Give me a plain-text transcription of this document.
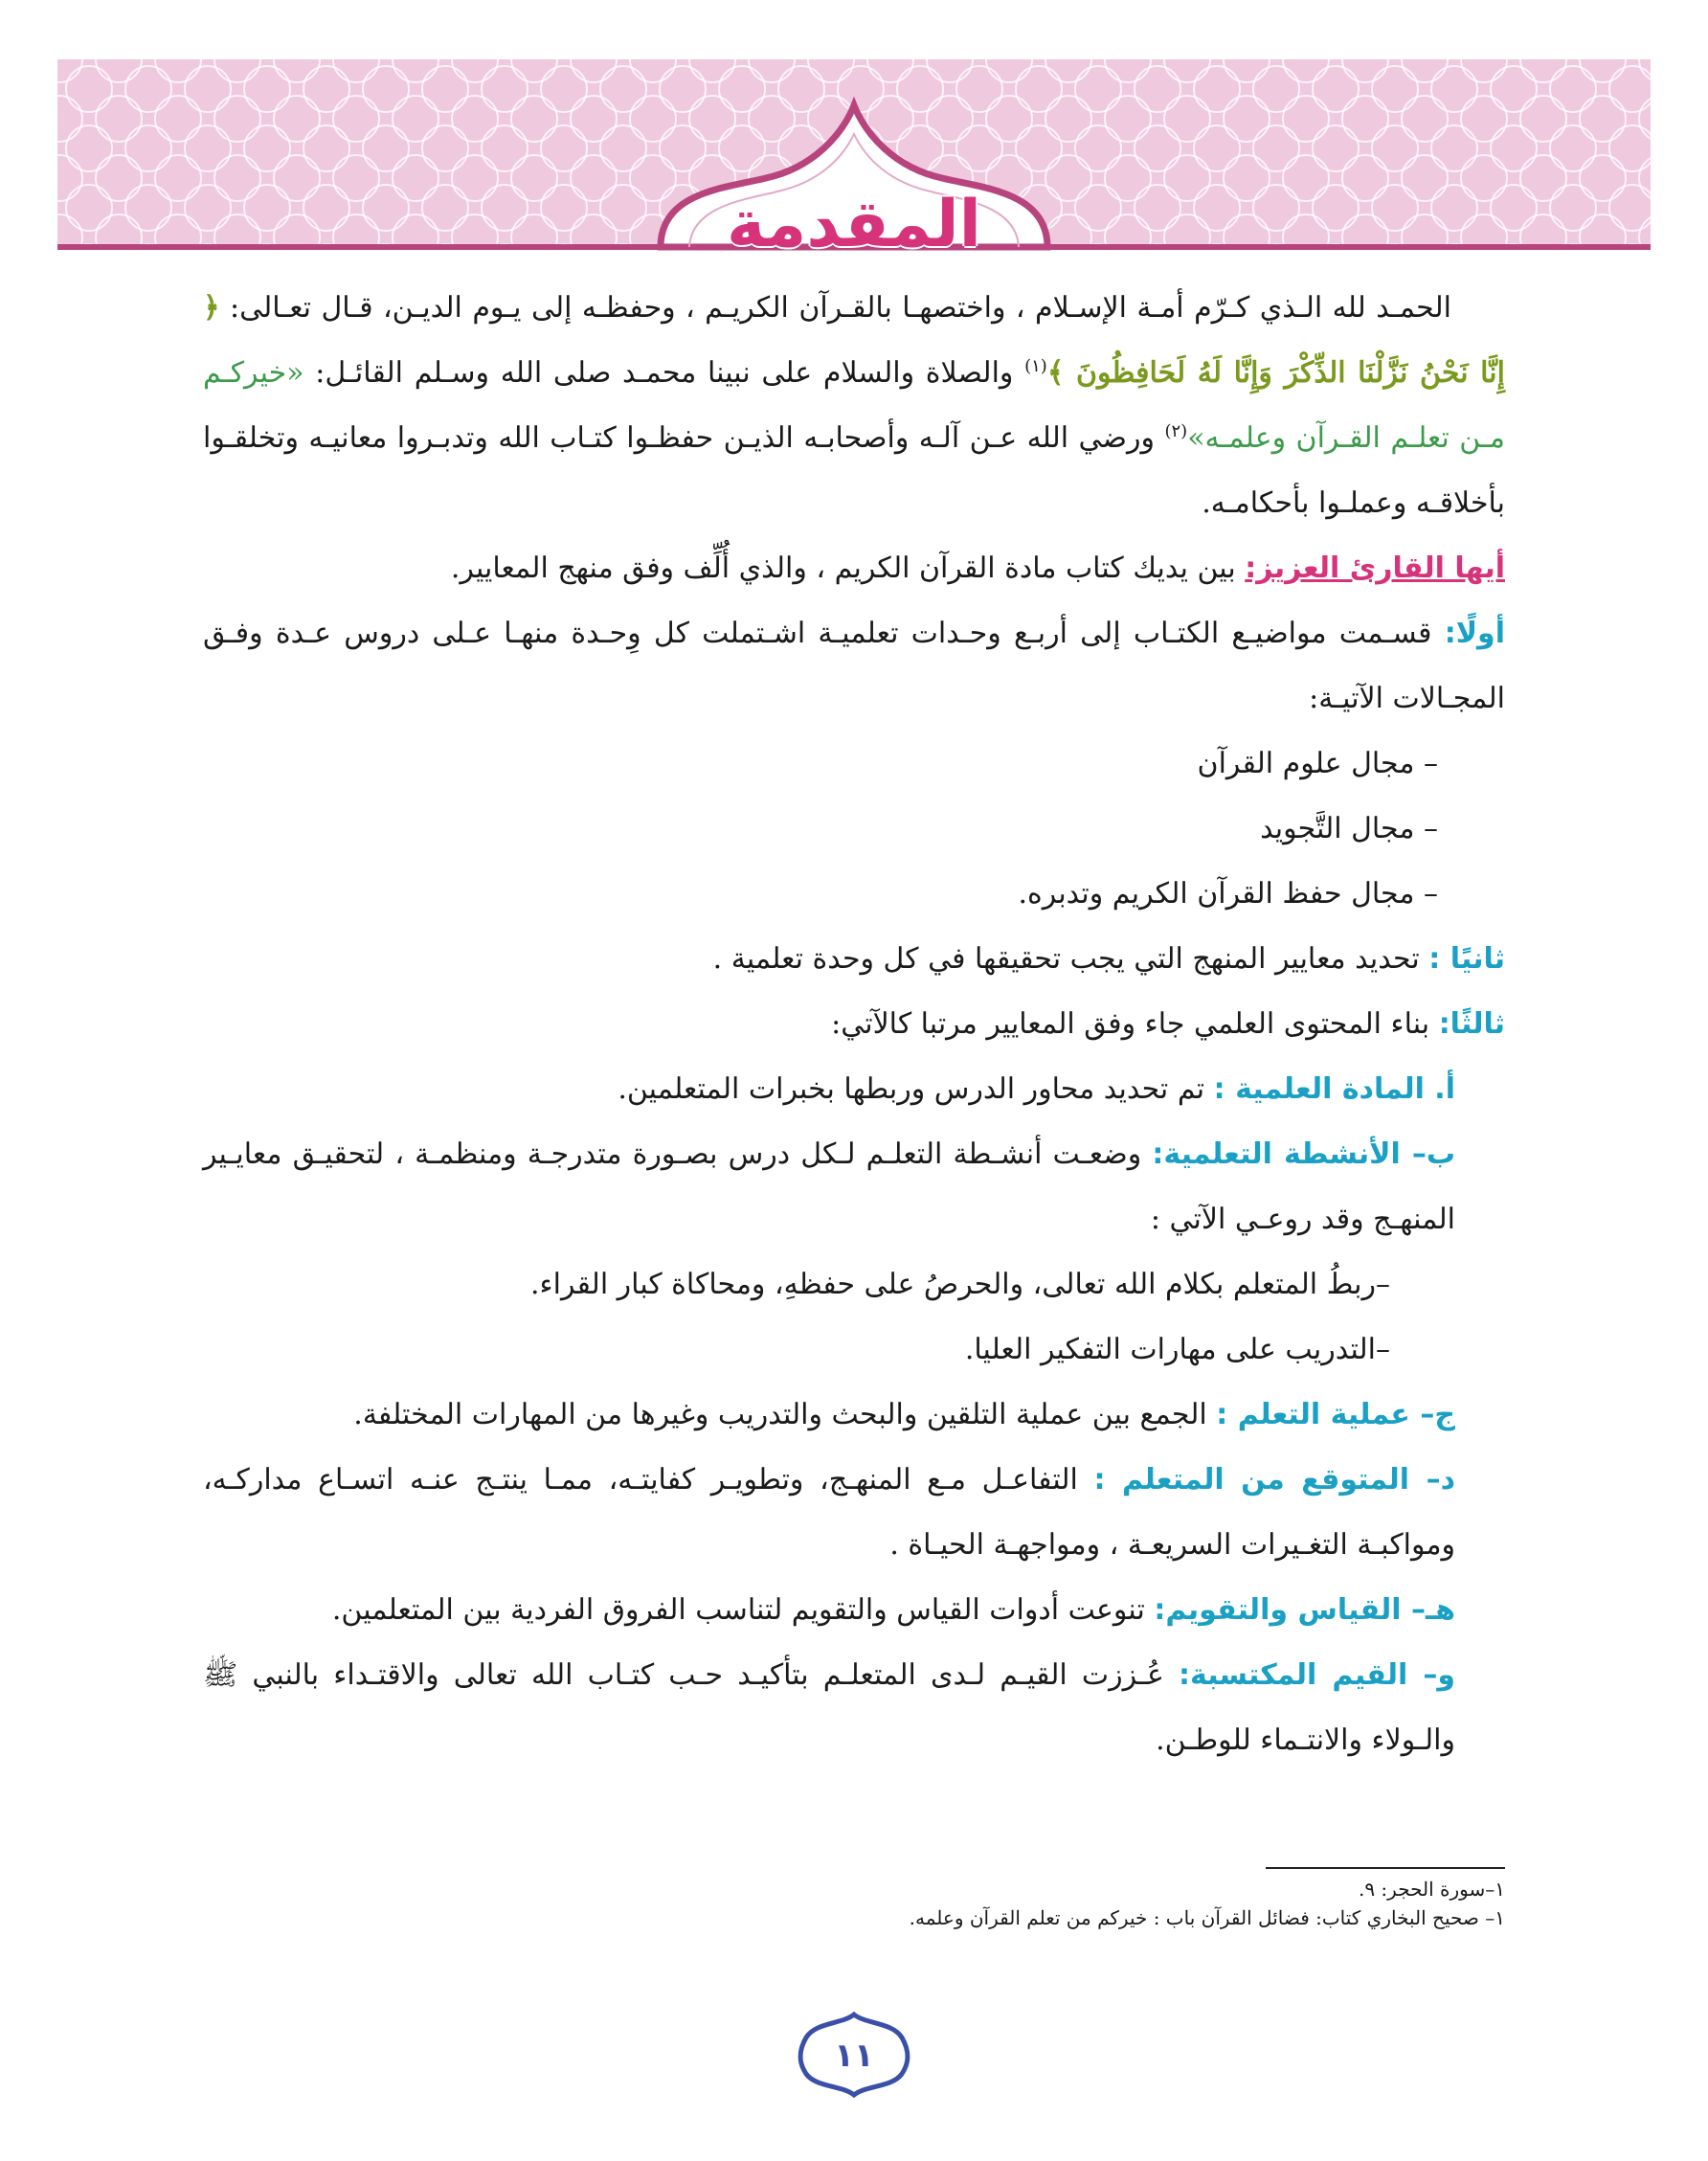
المقدمة

الحمـد لله الـذي كـرّم أمـة الإسـلام ، واختصهـا بالقـرآن الكريـم ، وحفظـه إلى يـوم الديـن، قـال تعـالى: ﴿ إِنَّا نَحْنُ نَزَّلْنَا الذِّكْرَ وَإِنَّا لَهُ لَحَافِظُونَ ﴾$^{(١)}$ والصلاة والسلام على نبينا محمـد صلى الله وسـلم القائـل: «خيركـم مـن تعلـم القـرآن وعلمـه»$^{(٢)}$ ورضي الله عـن آلـه وأصحابـه الذيـن حفظـوا كتـاب الله وتدبـروا معانيـه وتخلقـوا بأخلاقـه وعملـوا بأحكامـه.

أيها القارئ العزيز: بين يديك كتاب مادة القرآن الكريم ، والذي أُلِّف وفق منهج المعايير.

أولًا: قسـمت مواضيـع الكتـاب إلى أربـع وحـدات تعلميـة اشـتملت كل وِحـدة منهـا عـلى دروس عـدة وفـق المجـالات الآتيـة:

– مجال علوم القرآن

– مجال التَّجويد

– مجال حفظ القرآن الكريم وتدبره.

ثانيًا : تحديد معايير المنهج التي يجب تحقيقها في كل وحدة تعلمية .

ثالثًا: بناء المحتوى العلمي جاء وفق المعايير مرتبا كالآتي:

أ. المادة العلمية : تم تحديد محاور الدرس وربطها بخبرات المتعلمين.

ب– الأنشطة التعلمية: وضعـت أنشـطة التعلـم لـكل درس بصـورة متدرجـة ومنظمـة ، لتحقيـق معايـير المنهـج وقد روعـي الآتي :

–ربطُ المتعلم بكلام الله تعالى، والحرصُ على حفظهِ، ومحاكاة كبار القراء.

–التدريب على مهارات التفكير العليا.

ج– عملية التعلم : الجمع بين عملية التلقين والبحث والتدريب وغيرها من المهارات المختلفة.

د– المتوقع من المتعلم : التفاعـل مـع المنهـج، وتطويـر كفايتـه، ممـا ينتـج عنـه اتسـاع مداركـه، ومواكبـة التغـيرات السريعـة ، ومواجهـة الحيـاة .

هـ– القياس والتقويم: تنوعت أدوات القياس والتقويم لتناسب الفروق الفردية بين المتعلمين.

و– القيم المكتسبة: عُـززت القيـم لـدى المتعلـم بتأكيـد حـب كتـاب الله تعالى والاقتـداء بالنبي ﷺ والـولاء والانتـماء للوطـن.

١–سورة الحجر: ٩.
١– صحيح البخاري كتاب: فضائل القرآن باب : خيركم من تعلم القرآن وعلمه.
١١
